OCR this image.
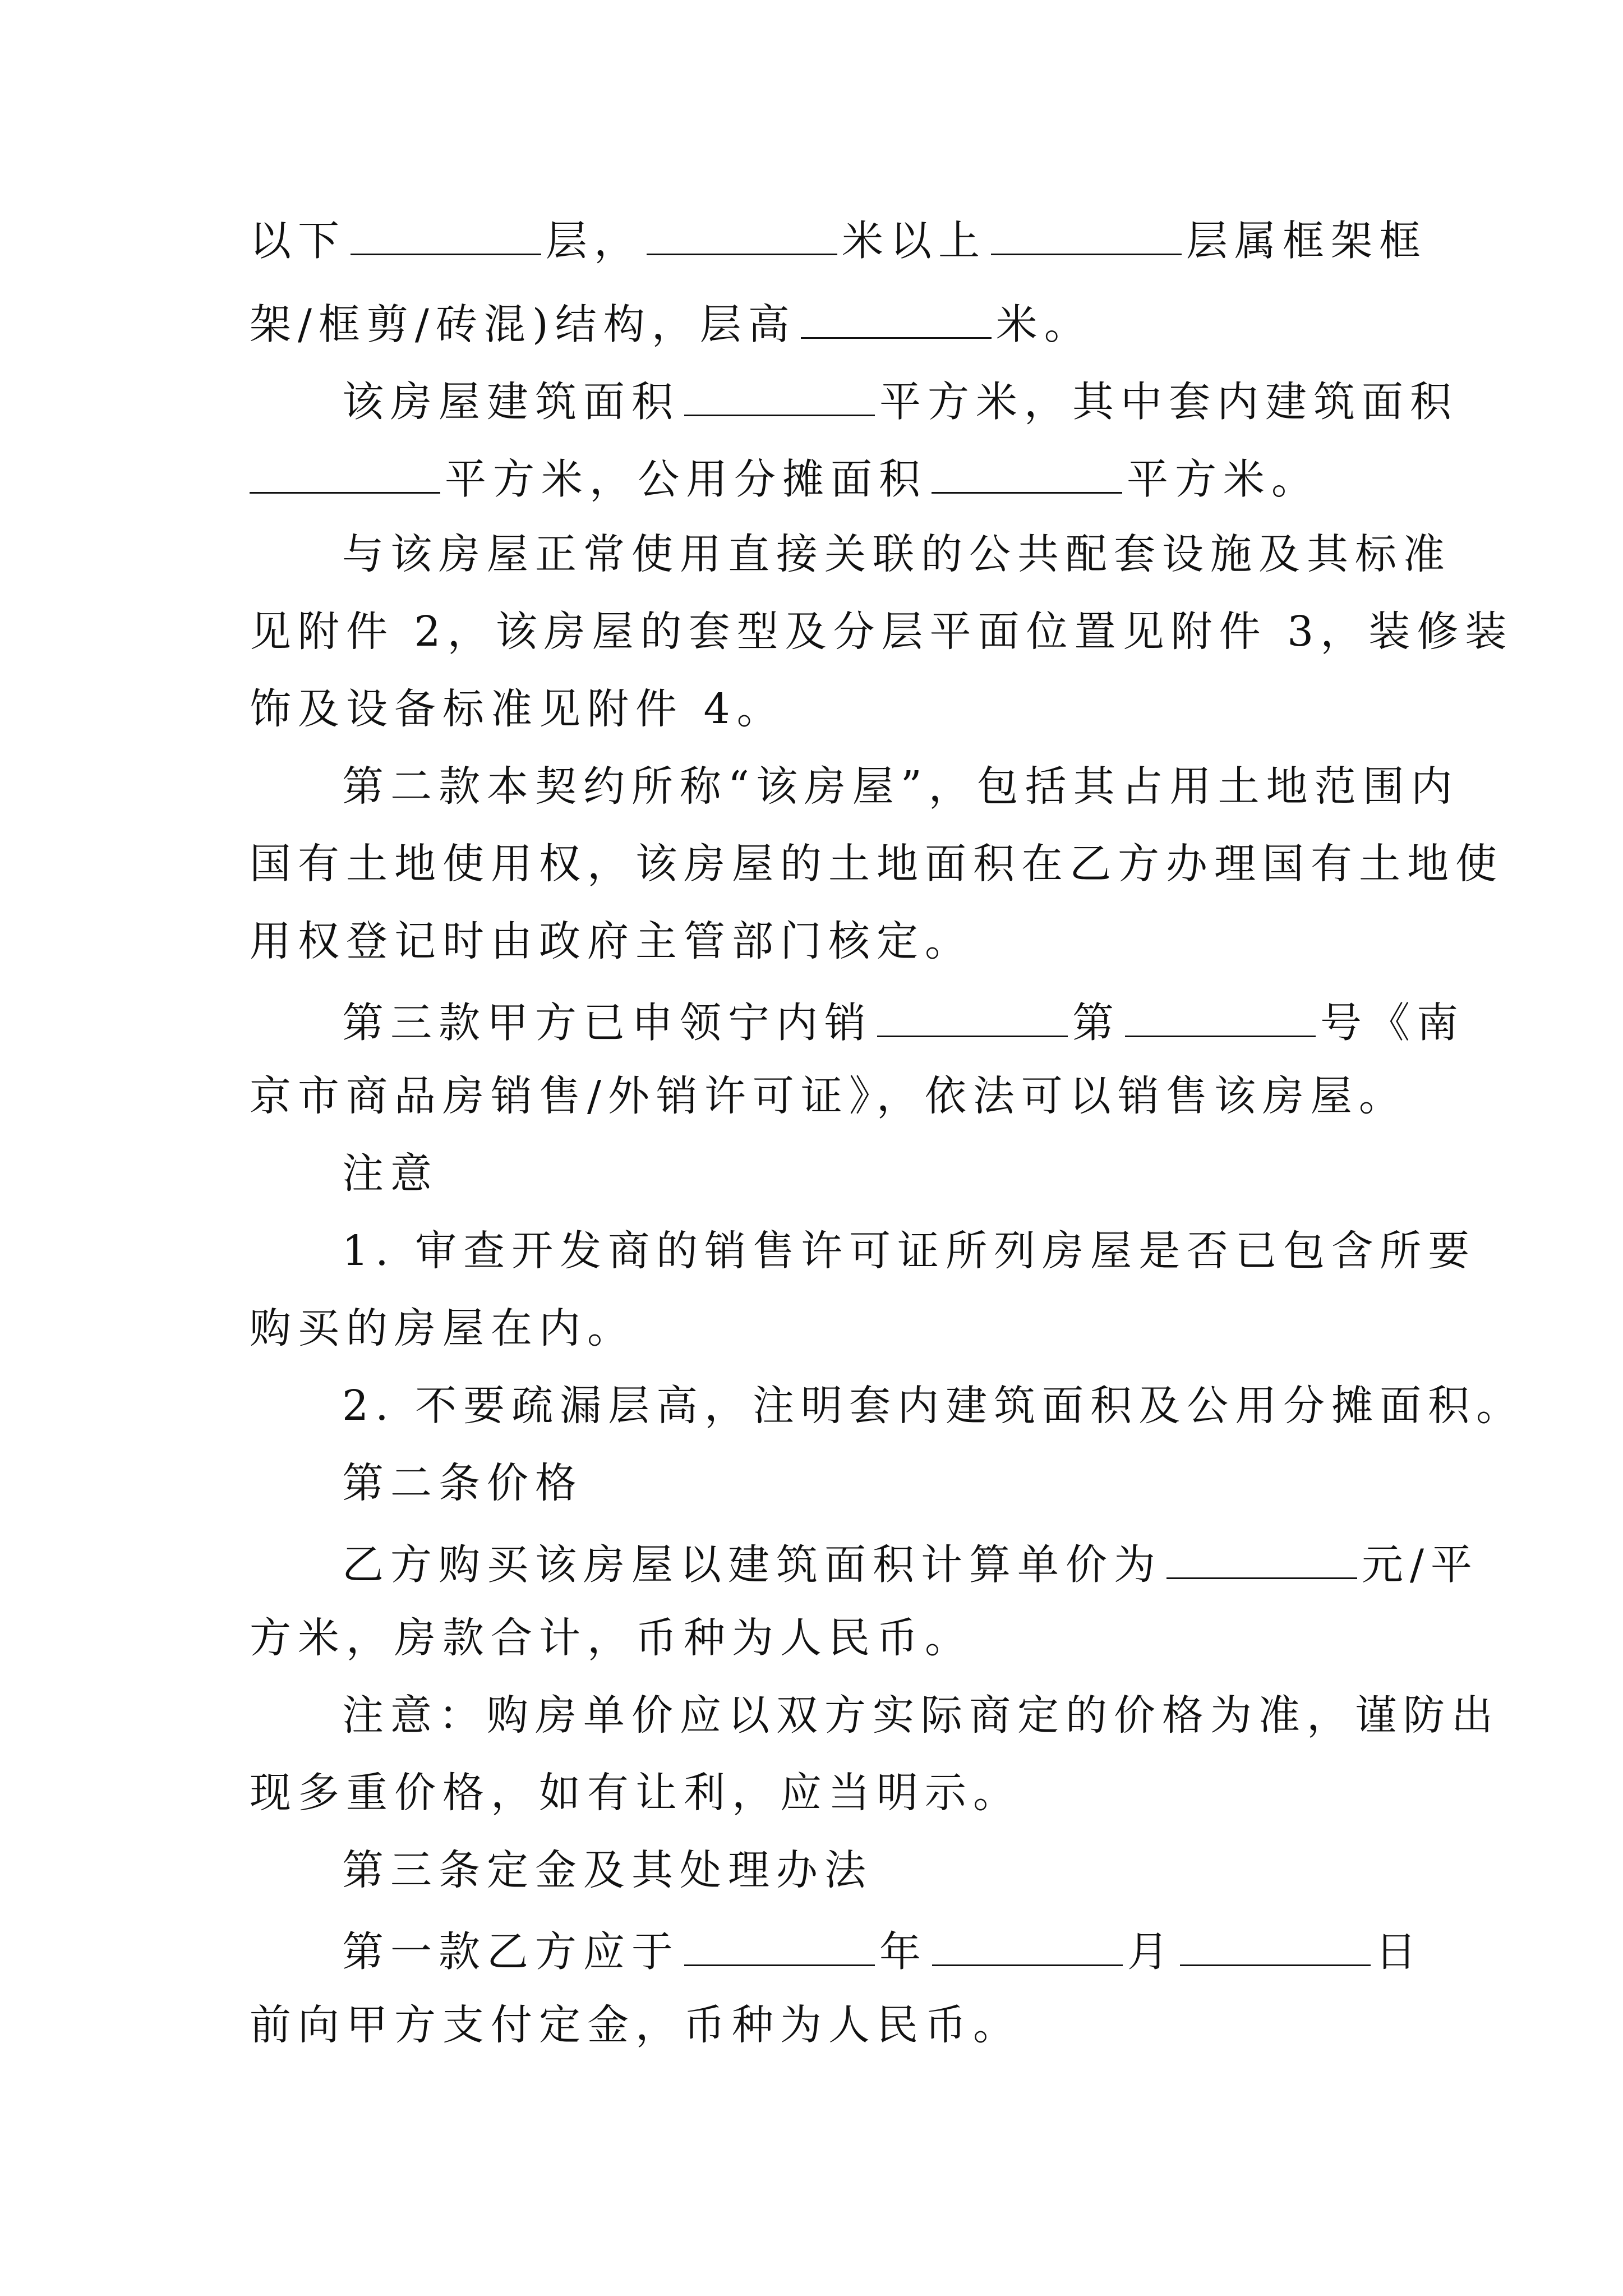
以下	层，	米以上	层属框架框
架/框剪/砖混)结构，层高	米。
该房屋建筑面积	平方米，其中套内建筑面积
平方米，公用分摊面积	平方米。
与该房屋正常使用直接关联的公共配套设施及其标准
见附件 2，该房屋的套型及分层平面位置见附件 3，装修装
饰及设备标准见附件 4。
第二款本契约所称“该房屋”，包括其占用土地范围内
国有土地使用权，该房屋的土地面积在乙方办理国有土地使
用权登记时由政府主管部门核定。
第三款甲方已申领宁内销	第	号《南
京市商品房销售/外销许可证》，依法可以销售该房屋。
注意
1. 审查开发商的销售许可证所列房屋是否已包含所要
购买的房屋在内。
2. 不要疏漏层高，注明套内建筑面积及公用分摊面积。
第二条价格
乙方购买该房屋以建筑面积计算单价为	元/平
方米，房款合计，币种为人民币。
注意：购房单价应以双方实际商定的价格为准，谨防出
现多重价格，如有让利，应当明示。
第三条定金及其处理办法
第一款乙方应于	年	月	日
前向甲方支付定金，币种为人民币。
